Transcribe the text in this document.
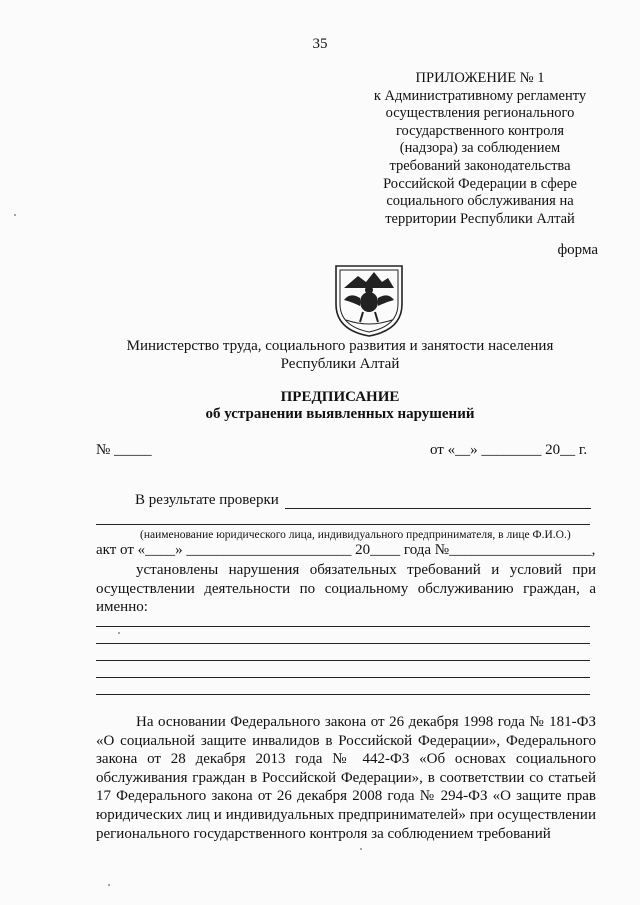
35
ПРИЛОЖЕНИЕ № 1
к Административному регламенту
осуществления регионального
государственного контроля
(надзора) за соблюдением
требований законодательства
Российской Федерации в сфере
социального обслуживания на
территории Республики Алтай
форма
Министерство труда, социального развития и занятости населения
Республики Алтай
ПРЕДПИСАНИЕ
об устранении выявленных нарушений
№ _____	от «__» ________ 20__ г.
В результате проверки
(наименование юридического лица, индивидуального предпринимателя, в лице Ф.И.О.)
акт от «____» ______________________ 20____ года №___________________,
установлены нарушения обязательных требований и условий при осуществлении деятельности по социальному обслуживанию граждан, а именно:
На основании Федерального закона от 26 декабря 1998 года № 181-ФЗ «О социальной защите инвалидов в Российской Федерации», Федерального закона от 28 декабря 2013 года № 442-ФЗ «Об основах социального обслуживания граждан в Российской Федерации», в соответствии со статьей 17 Федерального закона от 26 декабря 2008 года № 294-ФЗ «О защите прав юридических лиц и индивидуальных предпринимателей» при осуществлении регионального государственного контроля за соблюдением требований
